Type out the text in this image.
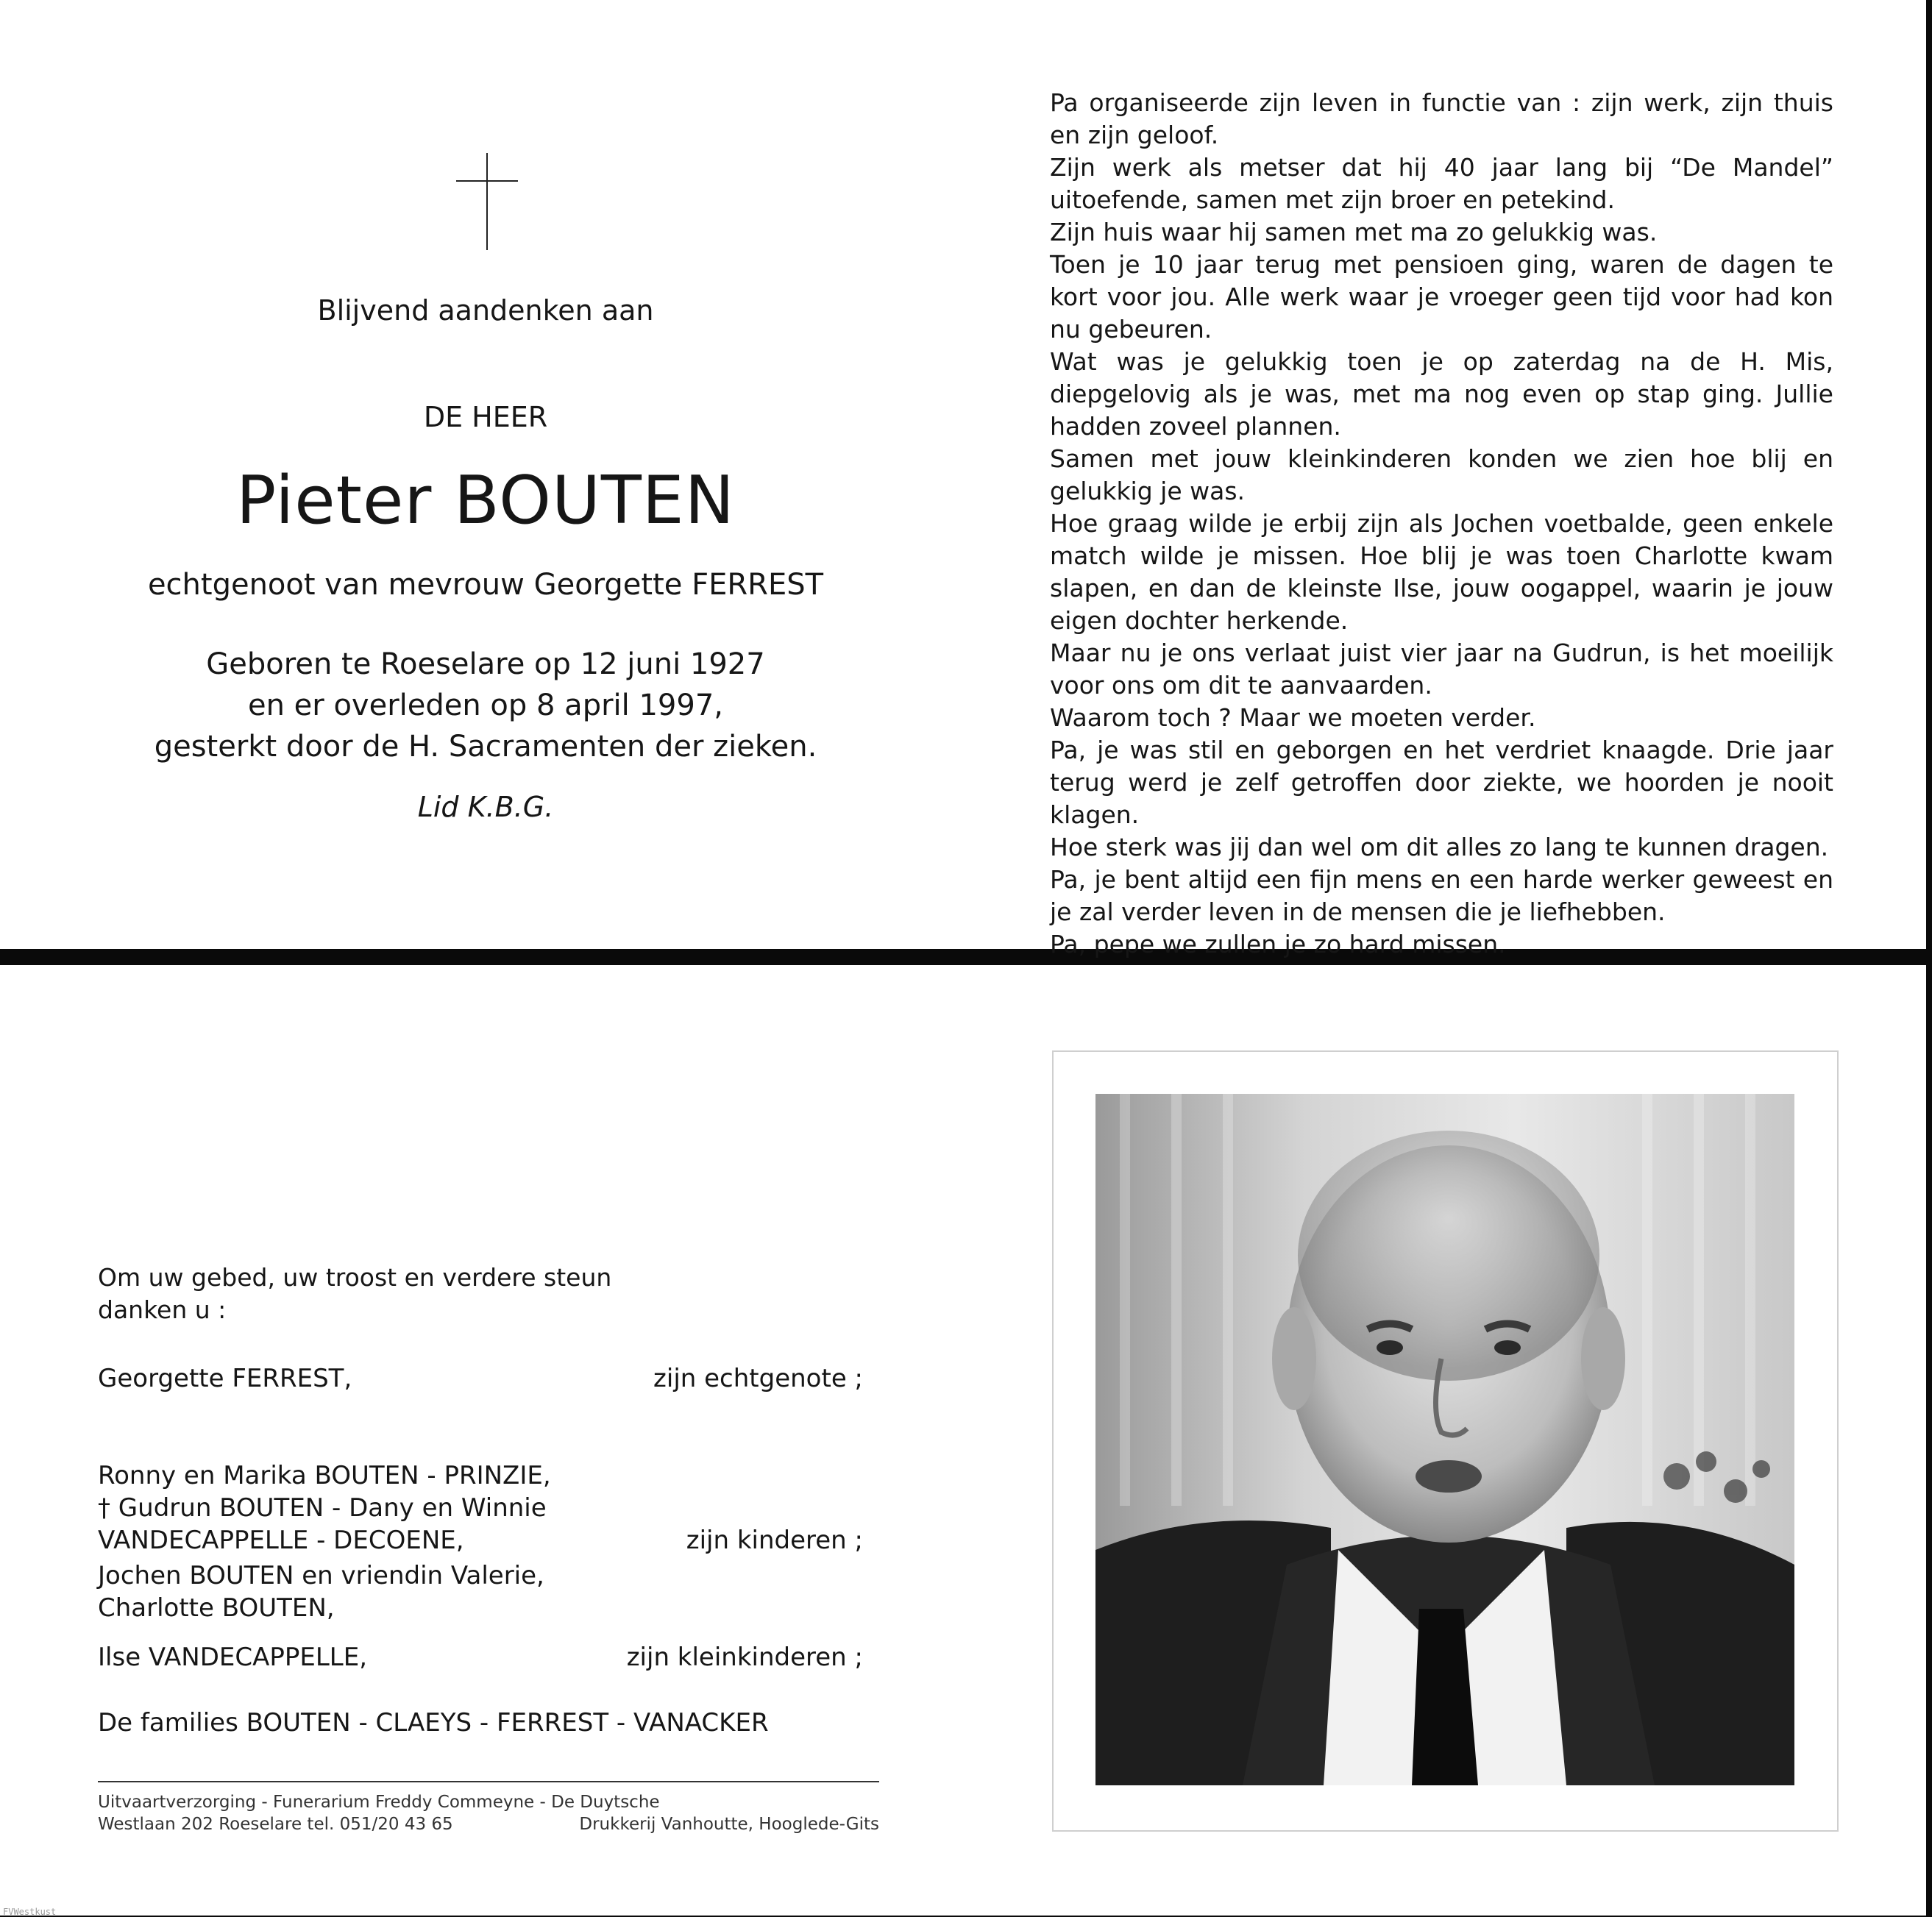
Blijvend aandenken aan
DE HEER
Pieter BOUTEN
echtgenoot van mevrouw Georgette FERREST
Geboren te Roeselare op 12 juni 1927
en er overleden op 8 april 1997,
gesterkt door de H. Sacramenten der zieken.
Lid K.B.G.

Pa organiseerde zijn leven in functie van : zijn werk, zijn thuis en zijn geloof.

Zijn werk als metser dat hij 40 jaar lang bij “De Mandel” uitoefende, samen met zijn broer en petekind.

Zijn huis waar hij samen met ma zo gelukkig was.

Toen je 10 jaar terug met pensioen ging, waren de dagen te kort voor jou. Alle werk waar je vroeger geen tijd voor had kon nu gebeuren.

Wat was je gelukkig toen je op zaterdag na de H. Mis, diepgelovig als je was, met ma nog even op stap ging. Jullie hadden zoveel plannen.

Samen met jouw kleinkinderen konden we zien hoe blij en gelukkig je was.

Hoe graag wilde je erbij zijn als Jochen voetbalde, geen enkele match wilde je missen. Hoe blij je was toen Charlotte kwam slapen, en dan de kleinste Ilse, jouw oogappel, waarin je jouw eigen dochter herkende.

Maar nu je ons verlaat juist vier jaar na Gudrun, is het moeilijk voor ons om dit te aanvaarden.

Waarom toch ? Maar we moeten verder.

Pa, je was stil en geborgen en het verdriet knaagde. Drie jaar terug werd je zelf getroffen door ziekte, we hoorden je nooit klagen.

Hoe sterk was jij dan wel om dit alles zo lang te kunnen dragen.

Pa, je bent altijd een fijn mens en een harde werker geweest en je zal verder leven in de mensen die je liefhebben.

Pa, pepe we zullen je zo hard missen.

Om uw gebed, uw troost en verdere steun
danken u :
Georgette FERREST,	zijn echtgenote ;
Ronny en Marika BOUTEN - PRINZIE,
† Gudrun BOUTEN - Dany en Winnie
VANDECAPPELLE - DECOENE,	zijn kinderen ;
Jochen BOUTEN en vriendin Valerie,
Charlotte BOUTEN,
Ilse VANDECAPPELLE,	zijn kleinkinderen ;
De families BOUTEN - CLAEYS - FERREST - VANACKER
Uitvaartverzorging - Funerarium Freddy Commeyne - De Duytsche
Westlaan 202 Roeselare tel. 051/20 43 65	Drukkerij Vanhoutte, Hooglede-Gits
FVWestkust
